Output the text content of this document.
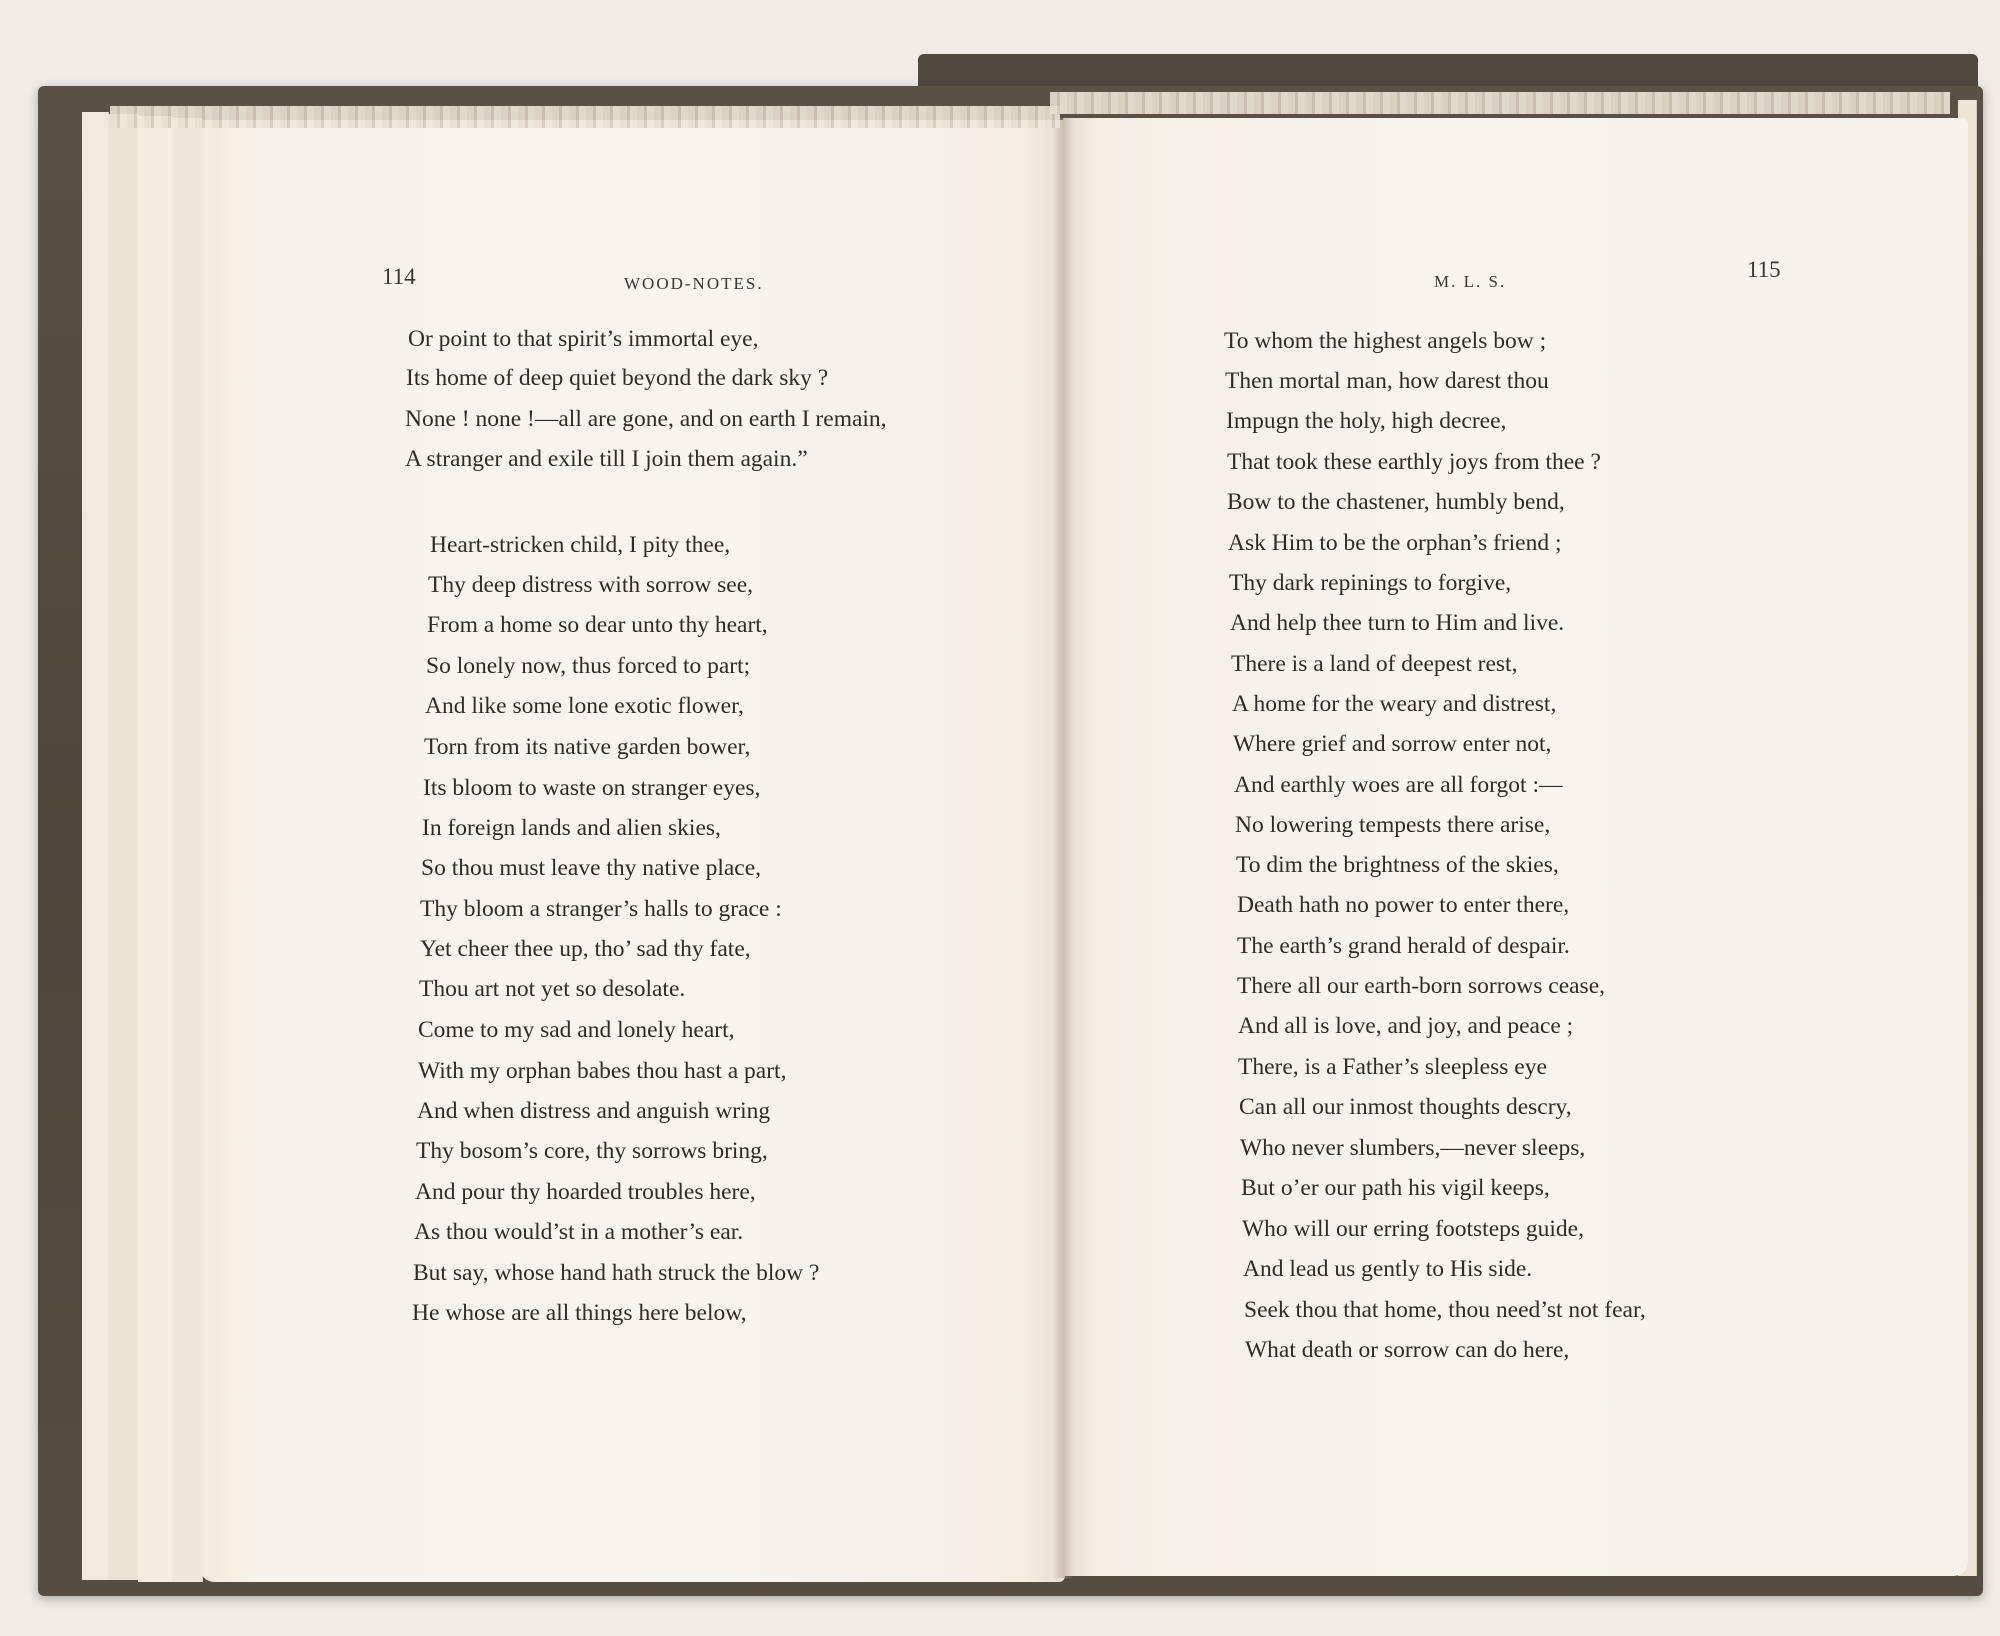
114	WOOD-NOTES.
Or point to that spirit’s immortal eye,
Its home of deep quiet beyond the dark sky ?
None ! none !—all are gone, and on earth I remain,
A stranger and exile till I join them again.”
Heart-stricken child, I pity thee,
Thy deep distress with sorrow see,
From a home so dear unto thy heart,
So lonely now, thus forced to part;
And like some lone exotic flower,
Torn from its native garden bower,
Its bloom to waste on stranger eyes,
In foreign lands and alien skies,
So thou must leave thy native place,
Thy bloom a stranger’s halls to grace :
Yet cheer thee up, tho’ sad thy fate,
Thou art not yet so desolate.
Come to my sad and lonely heart,
With my orphan babes thou hast a part,
And when distress and anguish wring
Thy bosom’s core, thy sorrows bring,
And pour thy hoarded troubles here,
As thou would’st in a mother’s ear.
But say, whose hand hath struck the blow ?
He whose are all things here below,
M. L. S.	115
To whom the highest angels bow ;
Then mortal man, how darest thou
Impugn the holy, high decree,
That took these earthly joys from thee ?
Bow to the chastener, humbly bend,
Ask Him to be the orphan’s friend ;
Thy dark repinings to forgive,
And help thee turn to Him and live.
There is a land of deepest rest,
A home for the weary and distrest,
Where grief and sorrow enter not,
And earthly woes are all forgot :—
No lowering tempests there arise,
To dim the brightness of the skies,
Death hath no power to enter there,
The earth’s grand herald of despair.
There all our earth-born sorrows cease,
And all is love, and joy, and peace ;
There, is a Father’s sleepless eye
Can all our inmost thoughts descry,
Who never slumbers,—never sleeps,
But o’er our path his vigil keeps,
Who will our erring footsteps guide,
And lead us gently to His side.
Seek thou that home, thou need’st not fear,
What death or sorrow can do here,
